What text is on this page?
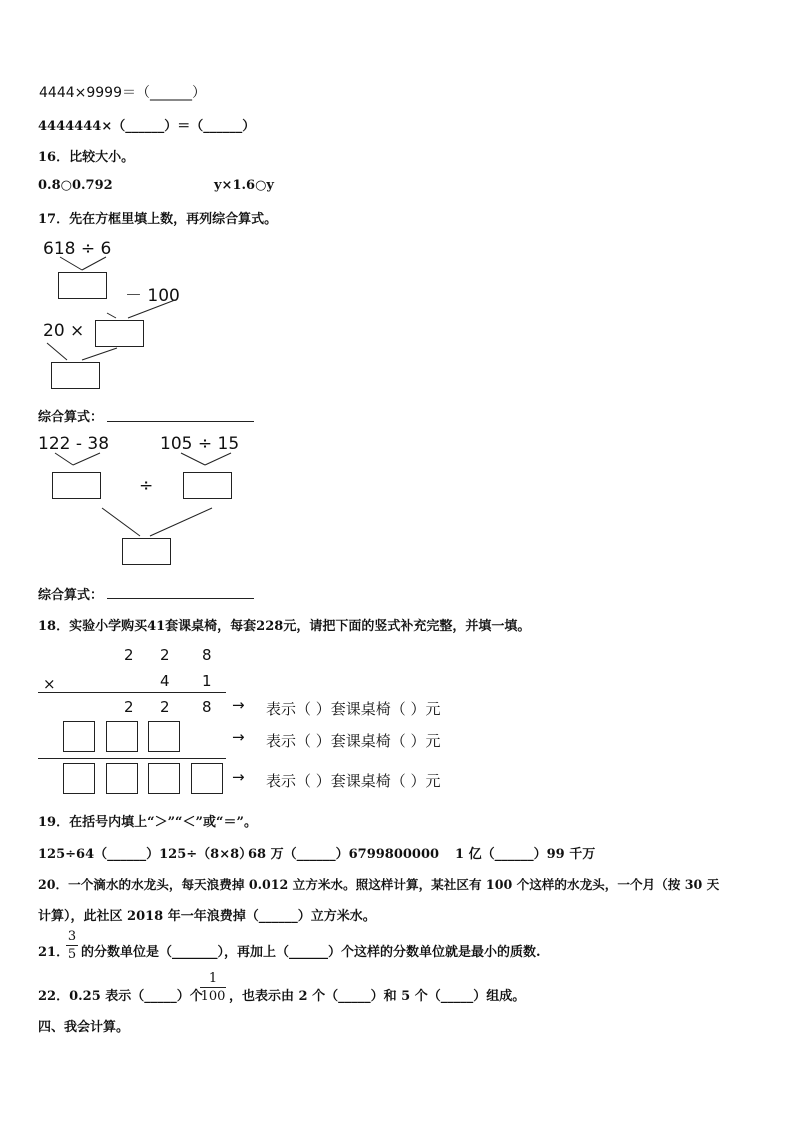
4444×9999＝（______）
4444444×（______）＝（______）
16．比较大小。
0.8○0.792	y×1.6○y
17．先在方框里填上数，再列综合算式。
618 ÷ 6
－ 100
20 ×
综合算式：
122 - 38	105 ÷ 15
÷
综合算式：
18．实验小学购买41套课桌椅，每套228元，请把下面的竖式补充完整，并填一填。
2 2 8
×	4 1
2 2 8 → 表示（ ）套课桌椅（ ）元
→ 表示（ ）套课桌椅（ ）元
→ 表示（ ）套课桌椅（ ）元
19．在括号内填上“＞”“＜”或“＝”。
125÷64（______）125÷（8×8）
68 万（______）6799800000 1 亿（______）99 千万
20．一个滴水的水龙头，每天浪费掉 0.012 立方米水。照这样计算，某社区有 100 个这样的水龙头，一个月（按 30 天
计算），此社区 2018 年一年浪费掉（______）立方米水。
21．
3
5 的分数单位是（_______），再加上（______）个这样的分数单位就是最小的质数.
22．0.25 表示（_____）个
1
100 ，也表示由 2 个（_____）和 5 个（_____）组成。
四、我会计算。
